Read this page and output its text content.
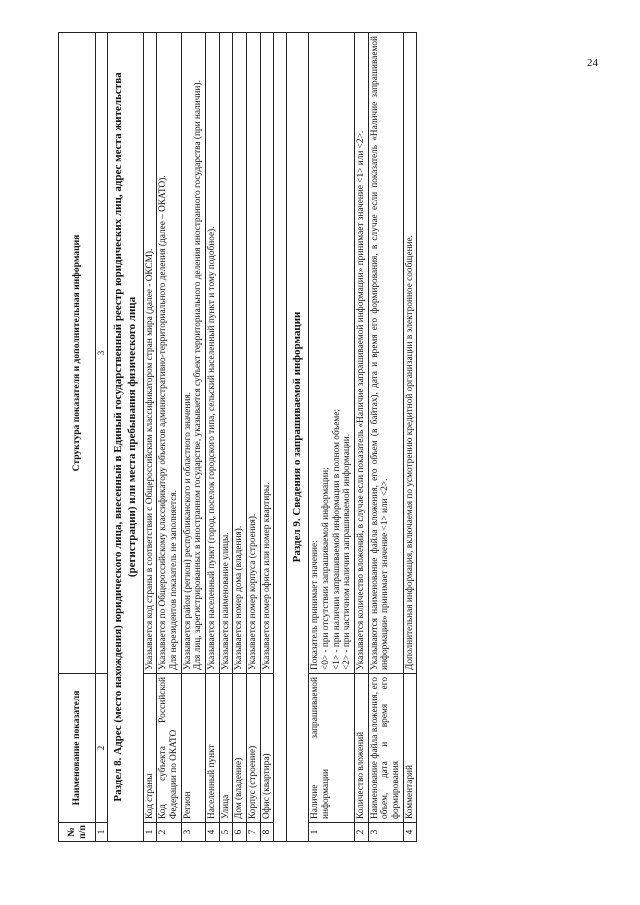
24
№ п/п	Наименование показателя	Структура показателя и дополнительная информация
1	2	3
Раздел 8. Адрес (место нахождения) юридического лица, внесенный в Единый государственный реестр юридических лиц, адрес места жительства (регистрации) или места пребывания физического лица		
1	Код страны	Указывается код страны в соответствии с Общероссийским классификатором стран мира (далее - ОКСМ).

2	Код субъекта Российской Федерации по ОКАТО	Указывается по Общероссийскому классификатору объектов административно-территориального деления (далее – ОКАТО). Для нерезидентов показатель не заполняется.

3	Регион	Указывается район (регион) республиканского и областного значения. Для лиц, зарегистрированных в иностранном государстве, указывается субъект территориального деления иностранного государства (при наличии).

4	Населенный пункт	Указывается населенный пункт (город, поселок городского типа, сельский населенный пункт и тому подобное).

5	Улица	Указывается наименование улицы.

6	Дом (владение)	Указывается номер дома (владения).

7	Корпус (строение)	Указывается номер корпуса (строения).

8	Офис (квартира)	Указывается номер офиса или номер квартиры.

Раздел 9. Сведения о запрашиваемой информации		
1	Наличие запрашиваемой информации	Показатель принимает значение: <0> - при отсутствии запрашиваемой информации; <1> - при наличии запрашиваемой информации в полном объеме; <2> - при частичном наличии запрашиваемой информации.

2	Количество вложений	Указывается количество вложений, в случае если показатель «Наличие запрашиваемой информации» принимает значение <1> или <2>.

3	Наименование файла вложения, его объем, дата и время его формирования	Указываются наименование файла вложения, его объем (в байтах), дата и время его формирования, в случае если показатель «Наличие запрашиваемой информации» принимает значение <1> или <2>.

4	Комментарий	Дополнительная информация, включаемая по усмотрению кредитной организации в электронное сообщение.
